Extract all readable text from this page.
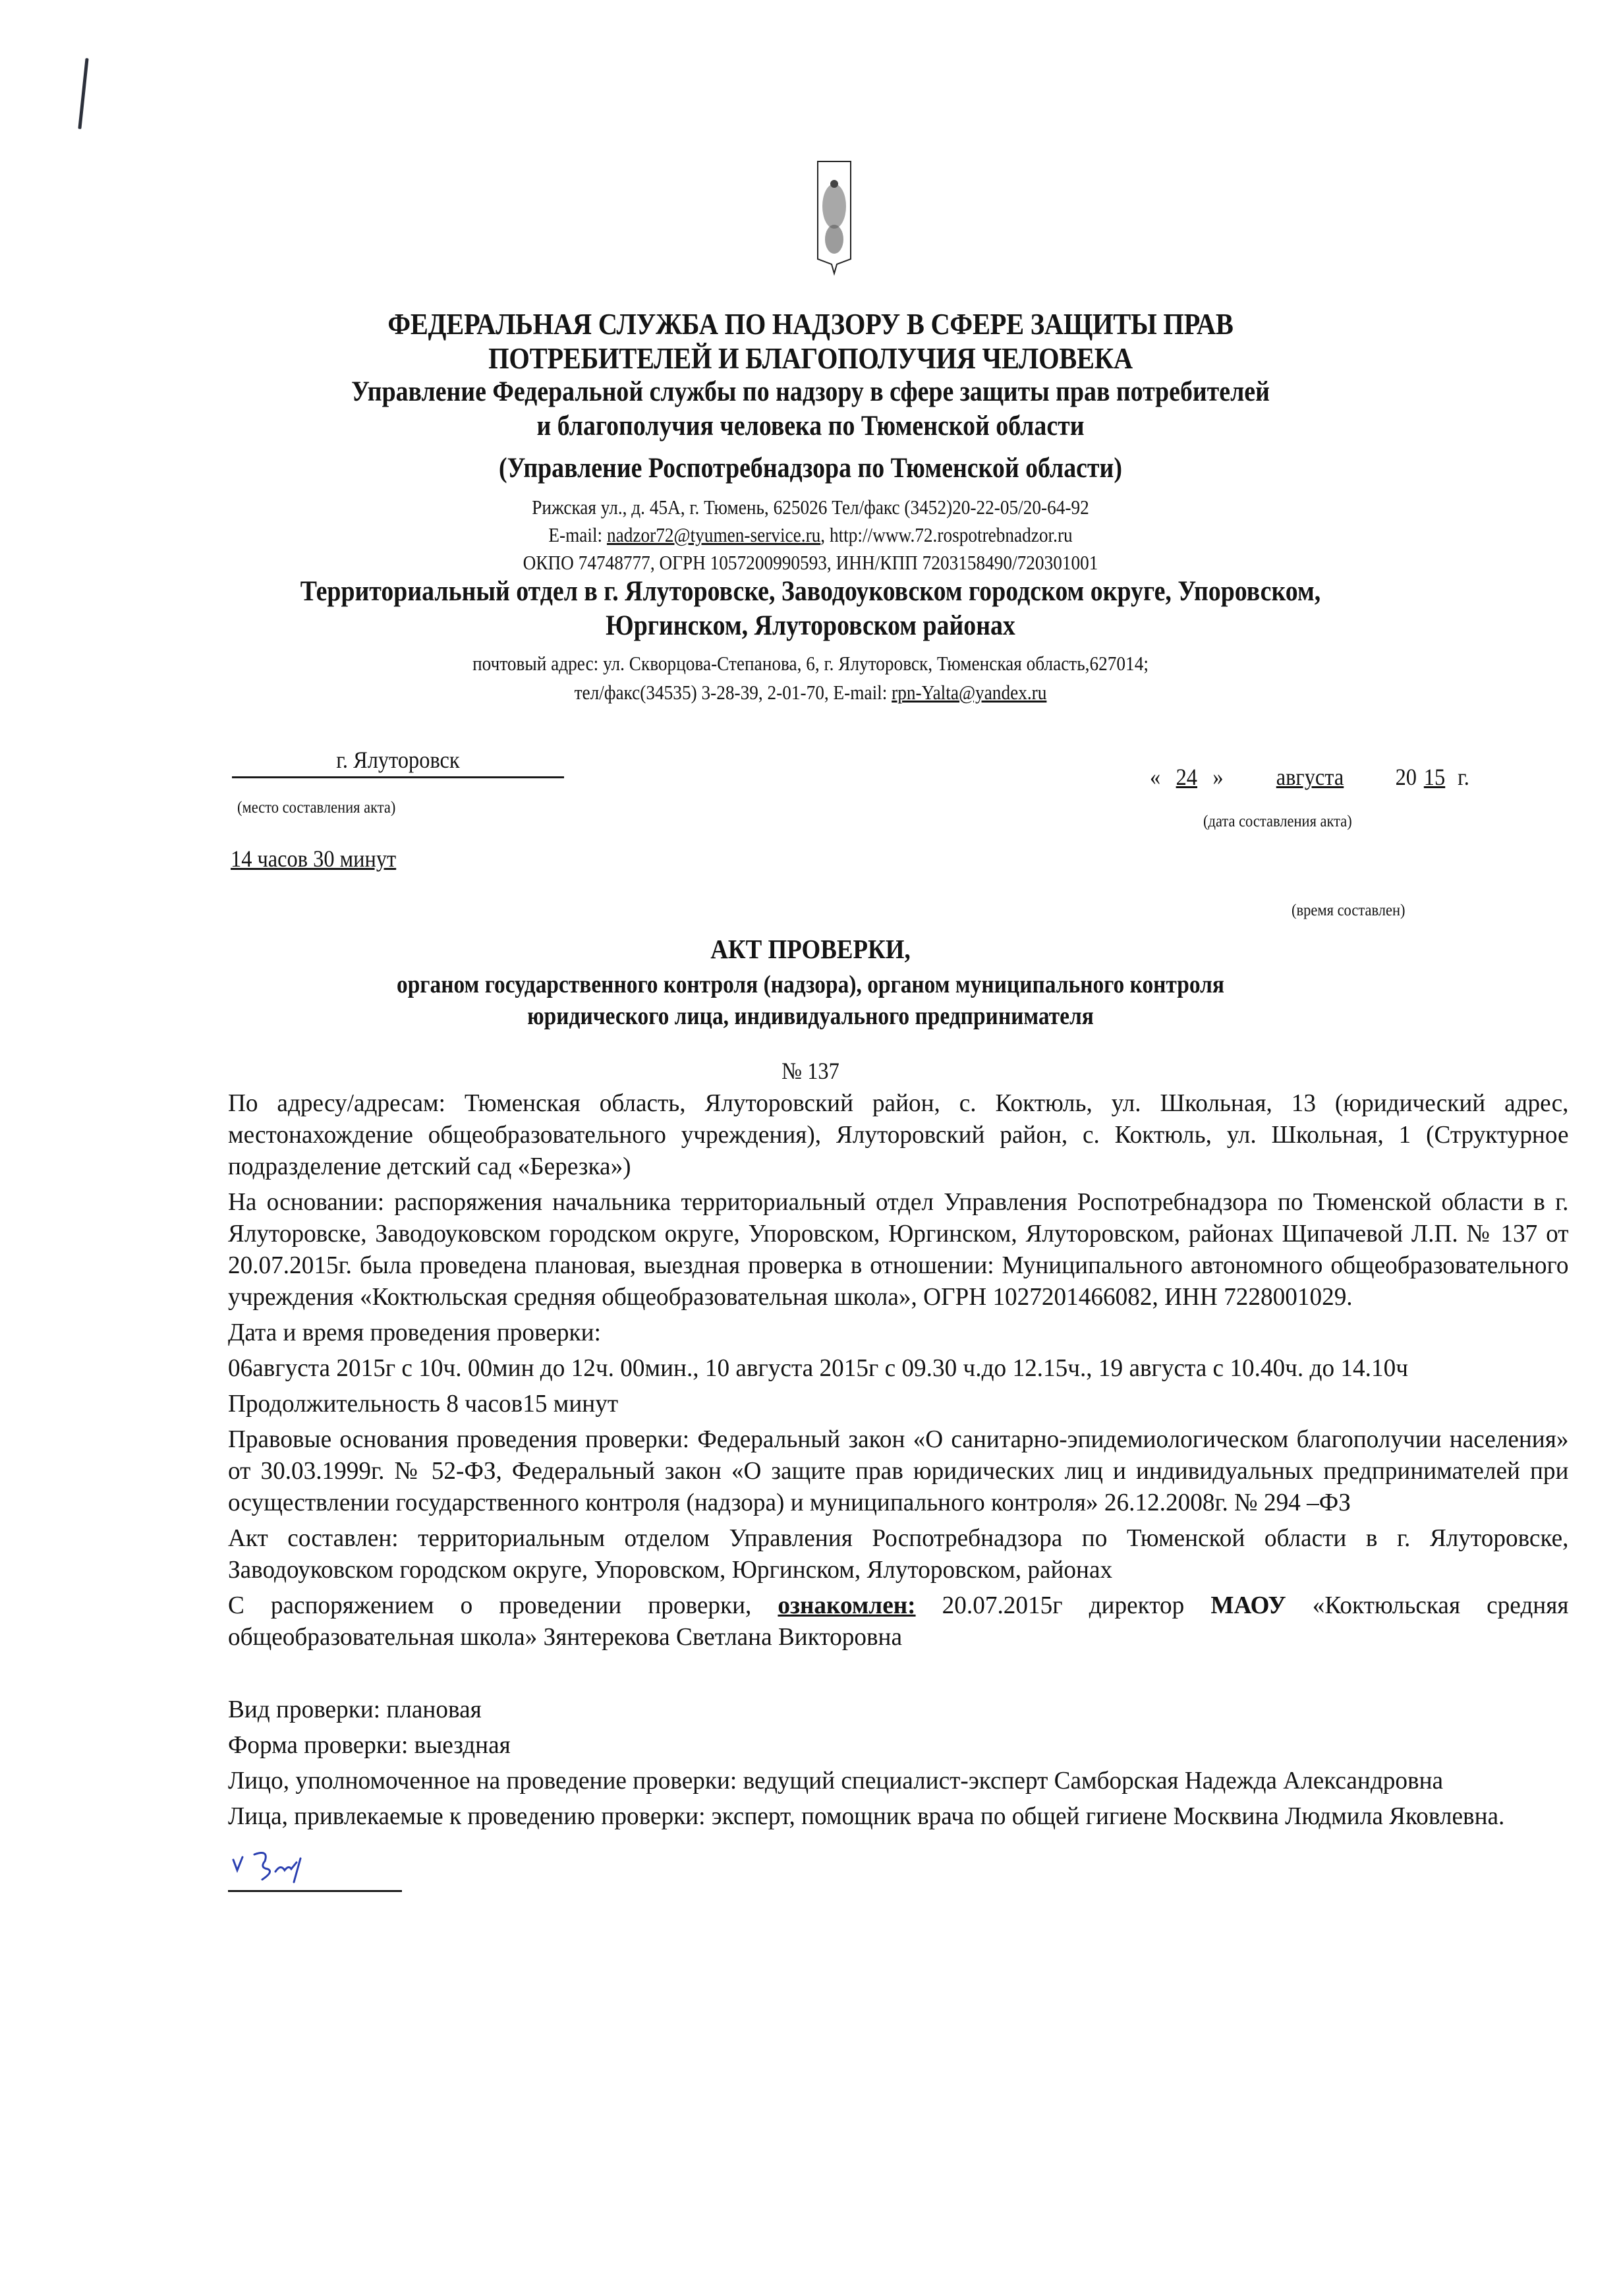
ФЕДЕРАЛЬНАЯ СЛУЖБА ПО НАДЗОРУ В СФЕРЕ ЗАЩИТЫ ПРАВ
ПОТРЕБИТЕЛЕЙ И БЛАГОПОЛУЧИЯ ЧЕЛОВЕКА
Управление Федеральной службы по надзору в сфере защиты прав потребителей
и благополучия человека по Тюменской области
(Управление Роспотребнадзора по Тюменской области)
Рижская ул., д. 45А, г. Тюмень, 625026 Тел/факс (3452)20-22-05/20-64-92
E-mail: nadzor72@tyumen-service.ru, http://www.72.rospotrebnadzor.ru
ОКПО 74748777, ОГРН 1057200990593, ИНН/КПП 7203158490/720301001
Территориальный отдел в г. Ялуторовске, Заводоуковском городском округе, Упоровском,
Юргинском, Ялуторовском районах
почтовый адрес: ул. Скворцова-Степанова, 6, г. Ялуторовск, Тюменская область,627014;
тел/факс(34535) 3-28-39, 2-01-70, E-mail: rpn-Yalta@yandex.ru
г. Ялуторовск
(место составления акта)
14 часов 30 минут
« 24 » августа 20 15 г.
(дата составления акта)
(время составлен)
АКТ ПРОВЕРКИ,
органом государственного контроля (надзора), органом муниципального контроля
юридического лица, индивидуального предпринимателя
№ 137

По адресу/адресам: Тюменская область, Ялуторовский район, с. Коктюль, ул. Школьная, 13 (юридический адрес, местонахождение общеобразовательного учреждения), Ялуторовский район, с. Коктюль, ул. Школьная, 1 (Структурное подразделение детский сад «Березка»)

На основании: распоряжения начальника территориальный отдел Управления Роспотребнадзора по Тюменской области в г. Ялуторовске, Заводоуковском городском округе, Упоровском, Юргинском, Ялуторовском, районах Щипачевой Л.П. № 137 от 20.07.2015г. была проведена плановая, выездная проверка в отношении: Муниципального автономного общеобразовательного учреждения «Коктюльская средняя общеобразовательная школа», ОГРН 1027201466082, ИНН 7228001029.

Дата и время проведения проверки:

06августа 2015г с 10ч. 00мин до 12ч. 00мин., 10 августа 2015г с 09.30 ч.до 12.15ч., 19 августа с 10.40ч. до 14.10ч

Продолжительность 8 часов15 минут

Правовые основания проведения проверки: Федеральный закон «О санитарно-эпидемиологическом благополучии населения» от 30.03.1999г. № 52-ФЗ, Федеральный закон «О защите прав юридических лиц и индивидуальных предпринимателей при осуществлении государственного контроля (надзора) и муниципального контроля» 26.12.2008г. № 294 –ФЗ

Акт составлен: территориальным отделом Управления Роспотребнадзора по Тюменской области в г. Ялуторовске, Заводоуковском городском округе, Упоровском, Юргинском, Ялуторовском, районах

С распоряжением о проведении проверки, ознакомлен: 20.07.2015г директор МАОУ «Коктюльская средняя общеобразовательная школа» Зянтерекова Светлана Викторовна

Вид проверки: плановая

Форма проверки: выездная

Лицо, уполномоченное на проведение проверки: ведущий специалист-эксперт Самборская Надежда Александровна

Лица, привлекаемые к проведению проверки: эксперт, помощник врача по общей гигиене Москвина Людмила Яковлевна.
